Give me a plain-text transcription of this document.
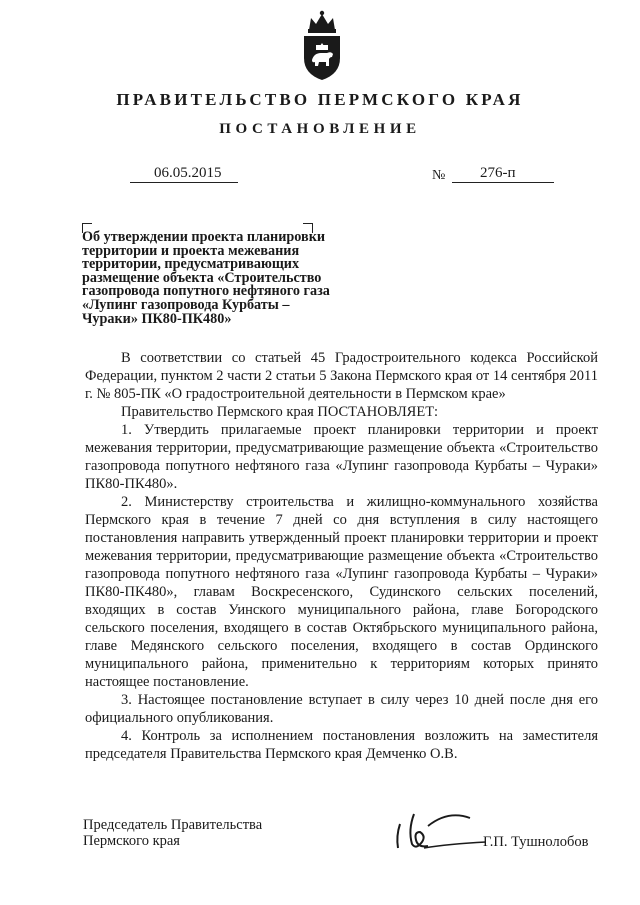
ПРАВИТЕЛЬСТВО ПЕРМСКОГО КРАЯ
ПОСТАНОВЛЕНИЕ
06.05.2015	№ 276-п
Об утверждении проекта планировки
территории и проекта межевания
территории, предусматривающих
размещение объекта «Строительство
газопровода попутного нефтяного газа
«Лупинг газопровода Курбаты –
Чураки» ПК80-ПК480»

В соответствии со статьей 45 Градостроительного кодекса Российской Федерации, пунктом 2 части 2 статьи 5 Закона Пермского края от 14 сентября 2011 г. № 805-ПК «О градостроительной деятельности в Пермском крае»

Правительство Пермского края ПОСТАНОВЛЯЕТ:

1. Утвердить прилагаемые проект планировки территории и проект межевания территории, предусматривающие размещение объекта «Строительство газопровода попутного нефтяного газа «Лупинг газопровода Курбаты – Чураки» ПК80-ПК480».

2. Министерству строительства и жилищно-коммунального хозяйства Пермского края в течение 7 дней со дня вступления в силу настоящего постановления направить утвержденный проект планировки территории и проект межевания территории, предусматривающие размещение объекта «Строительство газопровода попутного нефтяного газа «Лупинг газопровода Курбаты – Чураки» ПК80-ПК480», главам Воскресенского, Судинского сельских поселений, входящих в состав Уинского муниципального района, главе Богородского сельского поселения, входящего в состав Октябрьского муниципального района, главе Медянского сельского поселения, входящего в состав Ординского муниципального района, применительно к территориям которых принято настоящее постановление.

3. Настоящее постановление вступает в силу через 10 дней после дня его официального опубликования.

4. Контроль за исполнением постановления возложить на заместителя председателя Правительства Пермского края Демченко О.В.

Председатель Правительства
Пермского края	Г.П. Тушнолобов
